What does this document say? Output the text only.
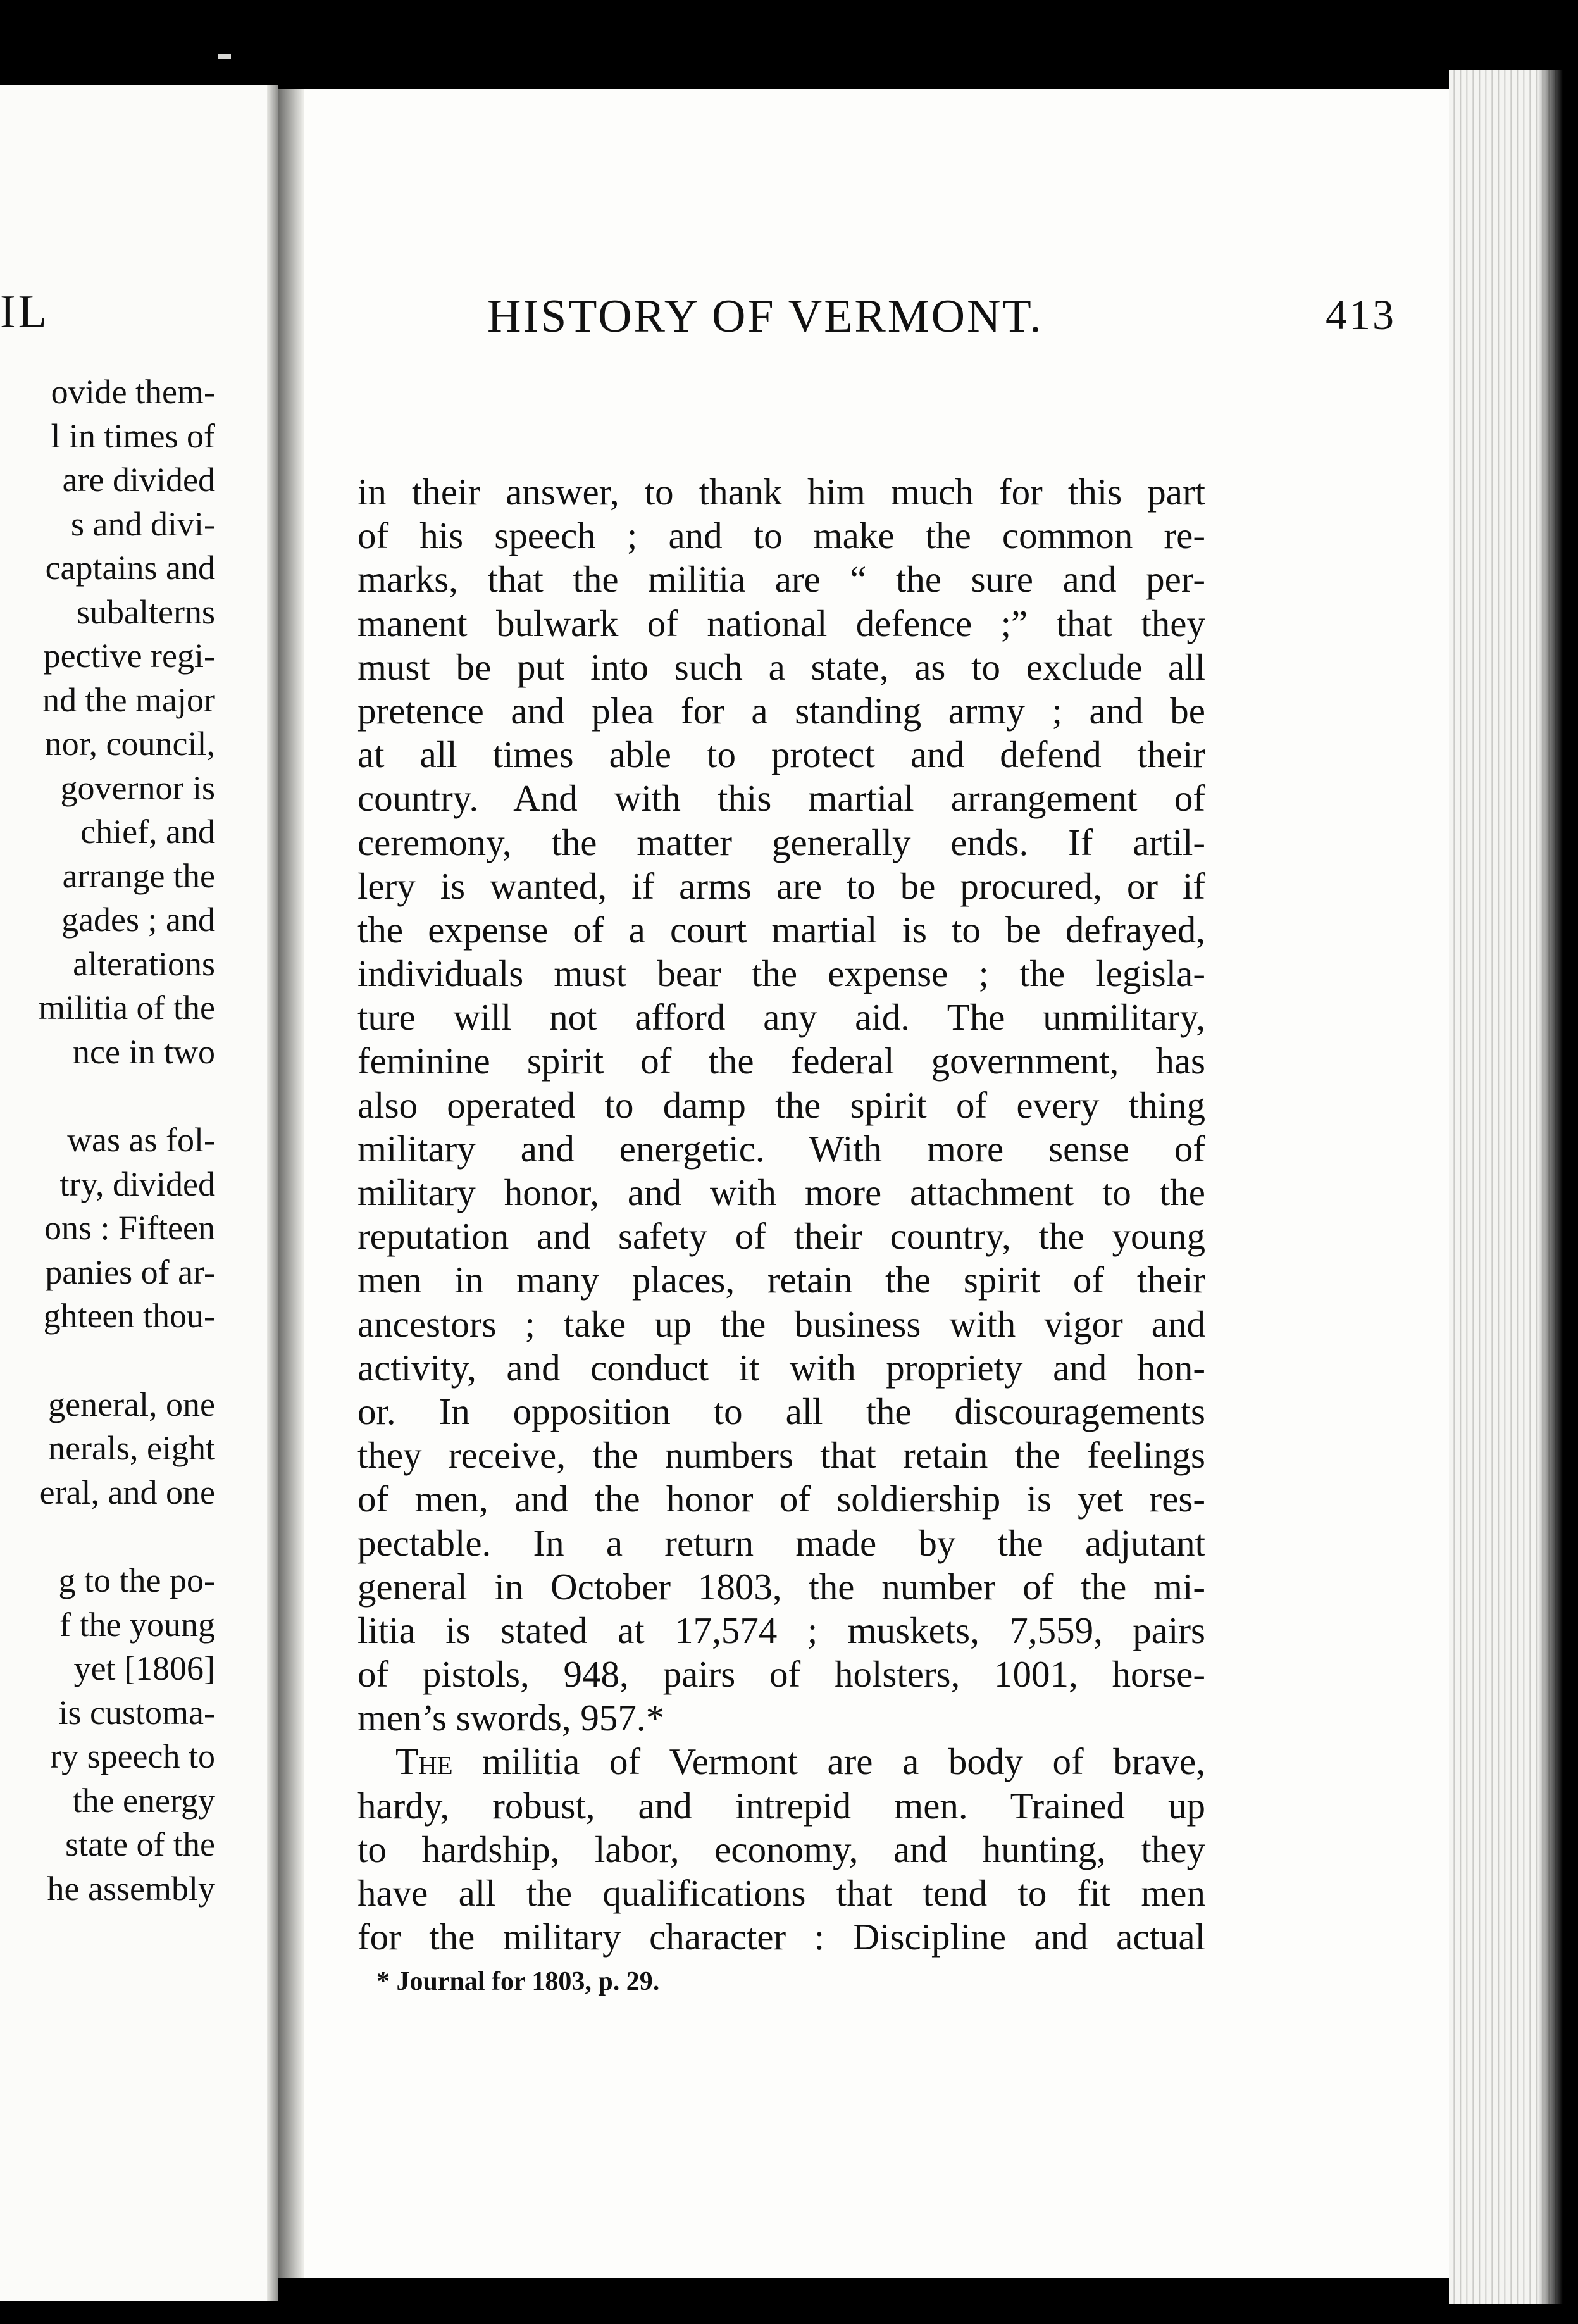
IL
ovide them-
l in times of
are divided
s and divi-
captains and
subalterns
pective regi-
nd the major
nor, council,
governor is
chief, and
arrange the
gades ; and
alterations
militia of the
nce in two
was as fol-
try, divided
ons : Fifteen
panies of ar-
ghteen thou-
general, one
nerals, eight
eral, and one
g to the po-
f the young
yet [1806]
is customa-
ry speech to
the energy
state of the
he assembly
HISTORY OF VERMONT.	413
in their answer, to thank him much for this part
of his speech ; and to make the common re-
marks, that the militia are “ the sure and per-
manent bulwark of national defence ;” that they
must be put into such a state, as to exclude all
pretence and plea for a standing army ; and be
at all times able to protect and defend their
country. And with this martial arrangement of
ceremony, the matter generally ends. If artil-
lery is wanted, if arms are to be procured, or if
the expense of a court martial is to be defrayed,
individuals must bear the expense ; the legisla-
ture will not afford any aid. The unmilitary,
feminine spirit of the federal government, has
also operated to damp the spirit of every thing
military and energetic. With more sense of
military honor, and with more attachment to the
reputation and safety of their country, the young
men in many places, retain the spirit of their
ancestors ; take up the business with vigor and
activity, and conduct it with propriety and hon-
or. In opposition to all the discouragements
they receive, the numbers that retain the feelings
of men, and the honor of soldiership is yet res-
pectable. In a return made by the adjutant
general in October 1803, the number of the mi-
litia is stated at 17,574 ; muskets, 7,559, pairs
of pistols, 948, pairs of holsters, 1001, horse-
men’s swords, 957.*
The militia of Vermont are a body of brave,
hardy, robust, and intrepid men. Trained up
to hardship, labor, economy, and hunting, they
have all the qualifications that tend to fit men
for the military character : Discipline and actual
* Journal for 1803, p. 29.
